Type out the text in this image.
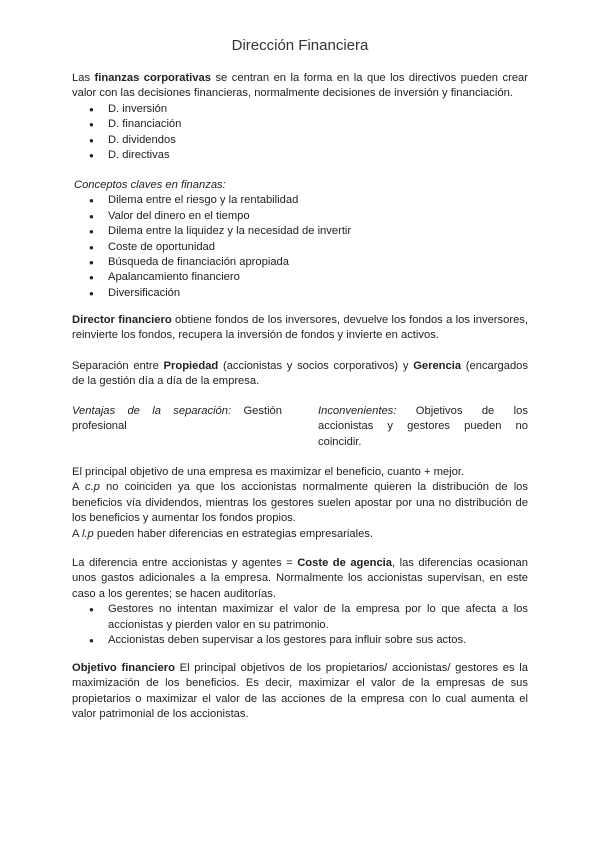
Dirección Financiera

Las finanzas corporativas se centran en la forma en la que los directivos pueden crear valor con las decisiones financieras, normalmente decisiones de inversión y financiación.

● D. inversión
● D. financiación
● D. dividendos
● D. directivas

Conceptos claves en finanzas:

● Dilema entre el riesgo y la rentabilidad
● Valor del dinero en el tiempo
● Dilema entre la liquidez y la necesidad de invertir
● Coste de oportunidad
● Búsqueda de financiación apropiada
● Apalancamiento financiero
● Diversificación

Director financiero obtiene fondos de los inversores, devuelve los fondos a los inversores, reinvierte los fondos, recupera la inversión de fondos y invierte en activos.

Separación entre Propiedad (accionistas y socios corporativos) y Gerencia (encargados de la gestión día a día de la empresa.

Ventajas de la separación: Gestión profesional

Inconvenientes: Objetivos de los accionistas y gestores pueden no coincidir.

El principal objetivo de una empresa es maximizar el beneficio, cuanto + mejor.

A c.p no coinciden ya que los accionistas normalmente quieren la distribución de los beneficios vía dividendos, mientras los gestores suelen apostar por una no distribución de los beneficios y aumentar los fondos propios.

A l.p pueden haber diferencias en estrategias empresariales.

La diferencia entre accionistas y agentes = Coste de agencia, las diferencias ocasionan unos gastos adicionales a la empresa. Normalmente los accionistas supervisan, en este caso a los gerentes; se hacen auditorías.

● Gestores no intentan maximizar el valor de la empresa por lo que afecta a los accionistas y pierden valor en su patrimonio.
● Accionistas deben supervisar a los gestores para influir sobre sus actos.

Objetivo financiero El principal objetivos de los propietarios/ accionistas/ gestores es la maximización de los beneficios. Es decir, maximizar el valor de la empresas de sus propietarios o maximizar el valor de las acciones de la empresa con lo cual aumenta el valor patrimonial de los accionistas.
